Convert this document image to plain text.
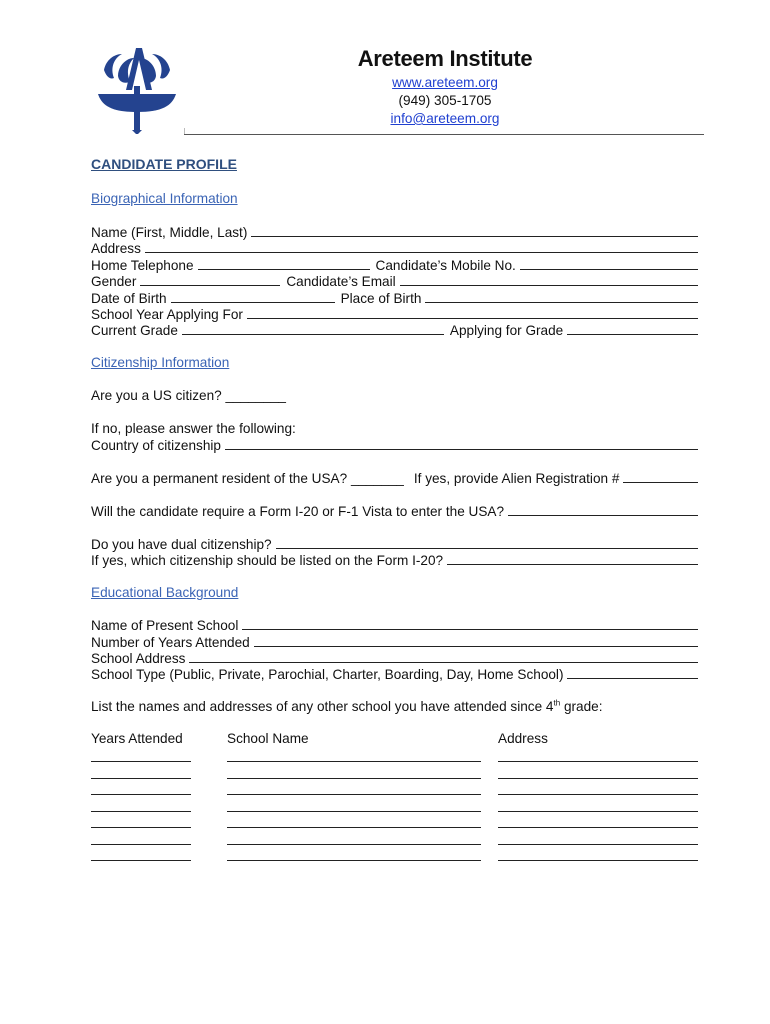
Areteem Institute
www.areteem.org
(949) 305-1705
info@areteem.org
CANDIDATE PROFILE
Biographical Information
Name (First, Middle, Last)
Address
Home Telephone	Candidate’s Mobile No.
Gender	Candidate’s Email
Date of Birth	Place of Birth
School Year Applying For
Current Grade	Applying for Grade
Citizenship Information
Are you a US citizen? ________
If no, please answer the following:
Country of citizenship
Are you a permanent resident of the USA? _______ If yes, provide Alien Registration #
Will the candidate require a Form I-20 or F-1 Vista to enter the USA?
Do you have dual citizenship?
If yes, which citizenship should be listed on the Form I-20?
Educational Background
Name of Present School
Number of Years Attended
School Address
School Type (Public, Private, Parochial, Charter, Boarding, Day, Home School)
List the names and addresses of any other school you have attended since 4th grade:
Years Attended	School Name	Address
